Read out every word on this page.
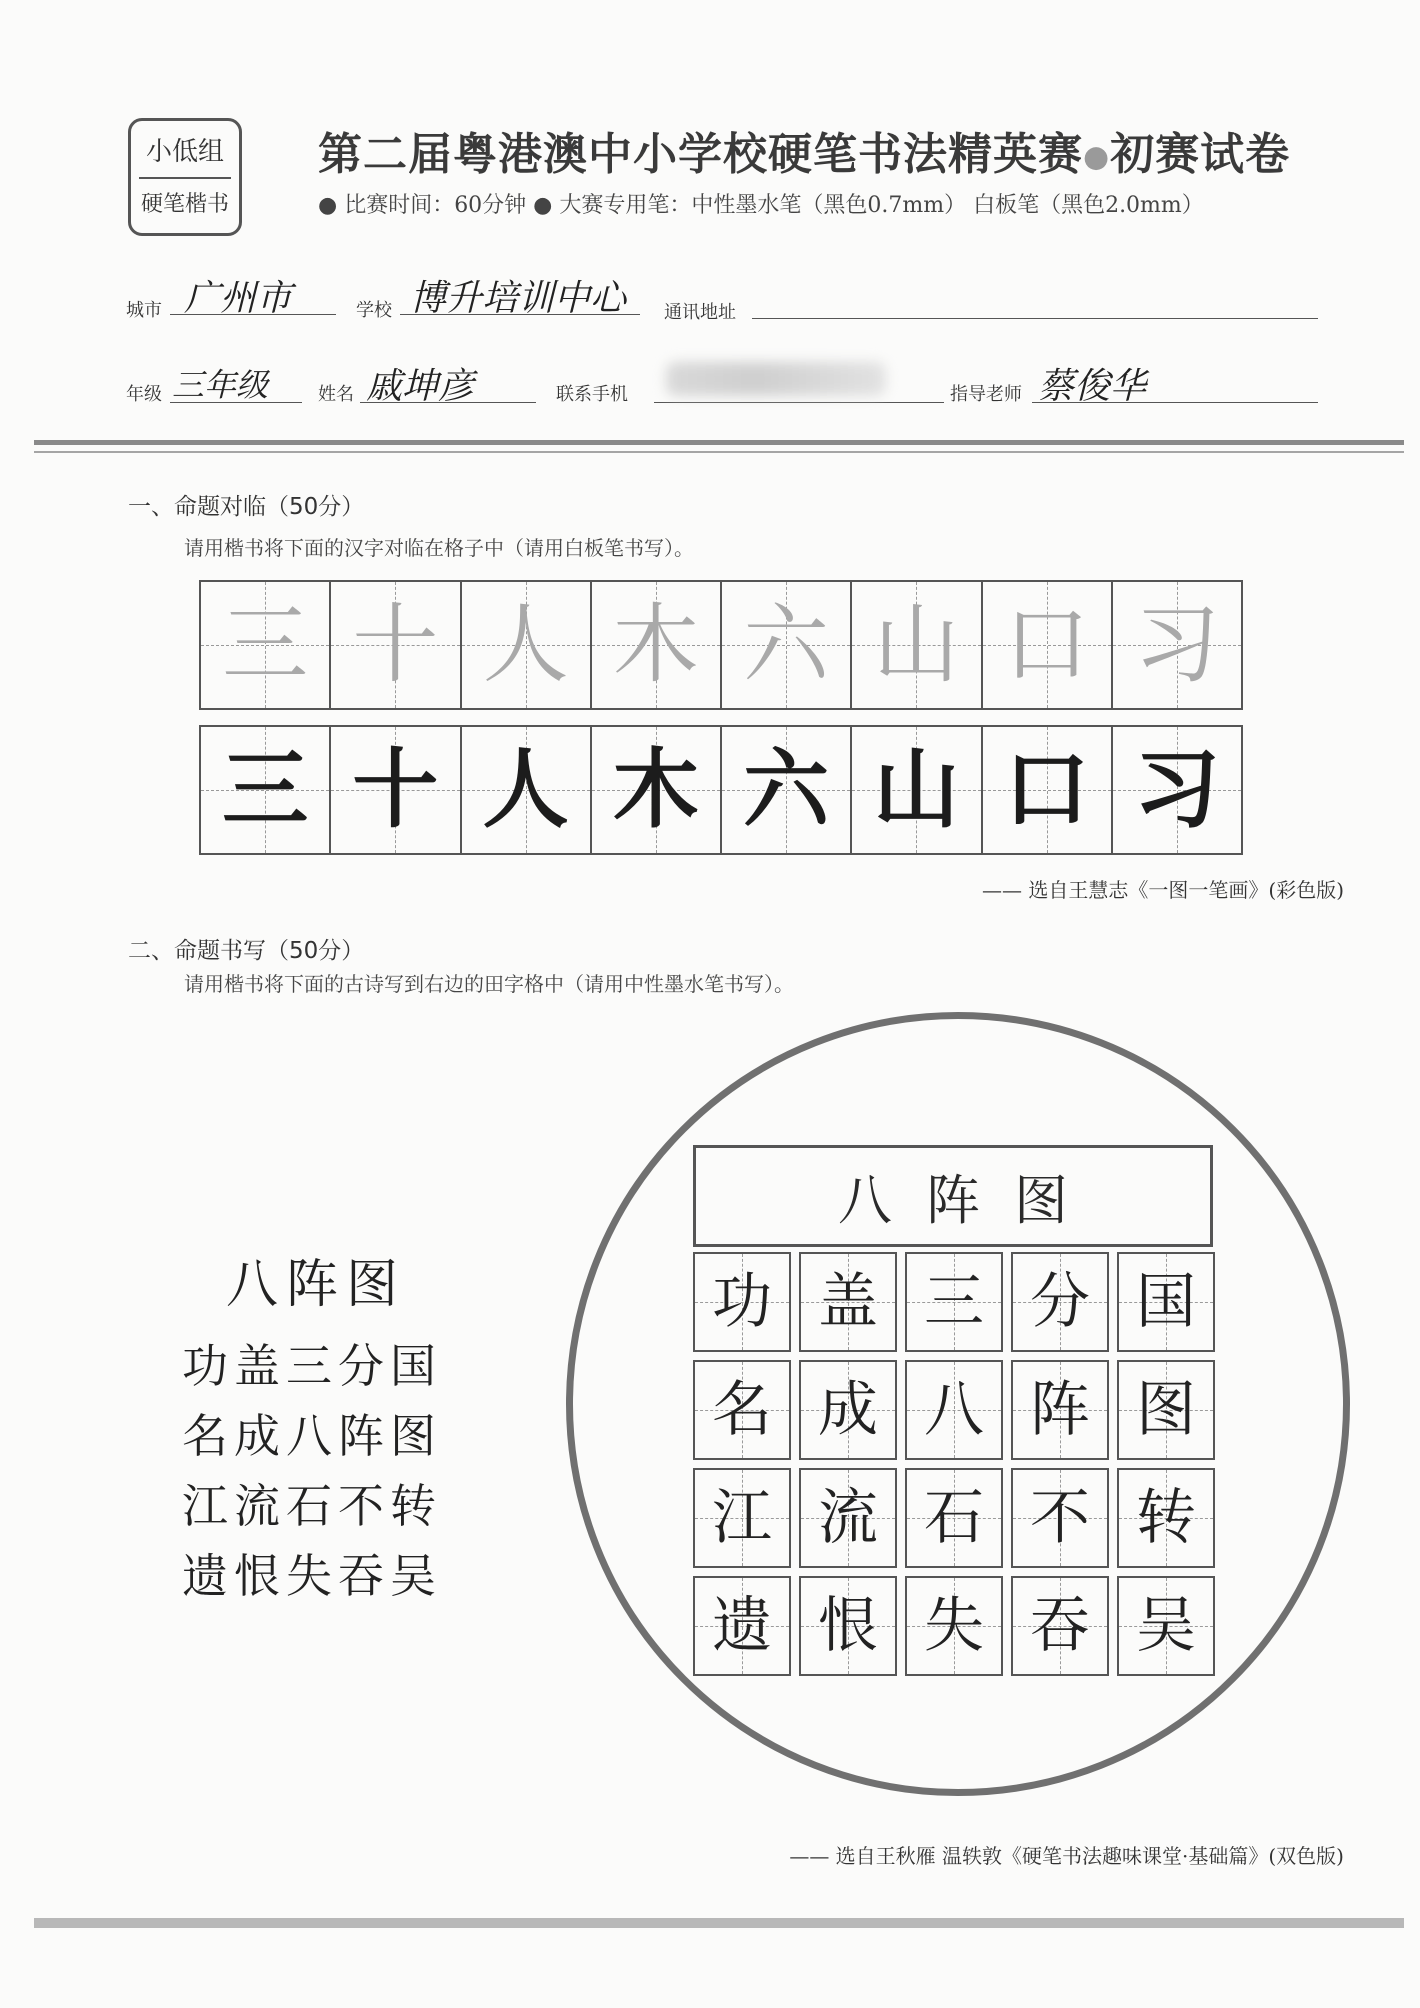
小低组
硬笔楷书
第二届粤港澳中小学校硬笔书法精英赛●初赛试卷
● 比赛时间：60分钟 ● 大赛专用笔：中性墨水笔（黑色0.7mm） 白板笔（黑色2.0mm）
城市 广州市	学校 博升培训中心 通讯地址
年级 三年级	姓名 戚坤彦	联系手机	指导老师 蔡俊华
一、命题对临（50分）
请用楷书将下面的汉字对临在格子中（请用白板笔书写）。
三 十 人 木 六 山 口 习
三 十 人 木 六 山 口 习
—— 选自王慧志《一图一笔画》(彩色版)
二、命题书写（50分）
请用楷书将下面的古诗写到右边的田字格中（请用中性墨水笔书写）。
八阵图
功盖三分国
名成八阵图
江流石不转
遗恨失吞吴
八阵图
功 盖 三 分 国
名 成 八 阵 图
江 流 石 不 转
遗 恨 失 吞 吴
—— 选自王秋雁 温轶敦《硬笔书法趣味课堂·基础篇》(双色版)
